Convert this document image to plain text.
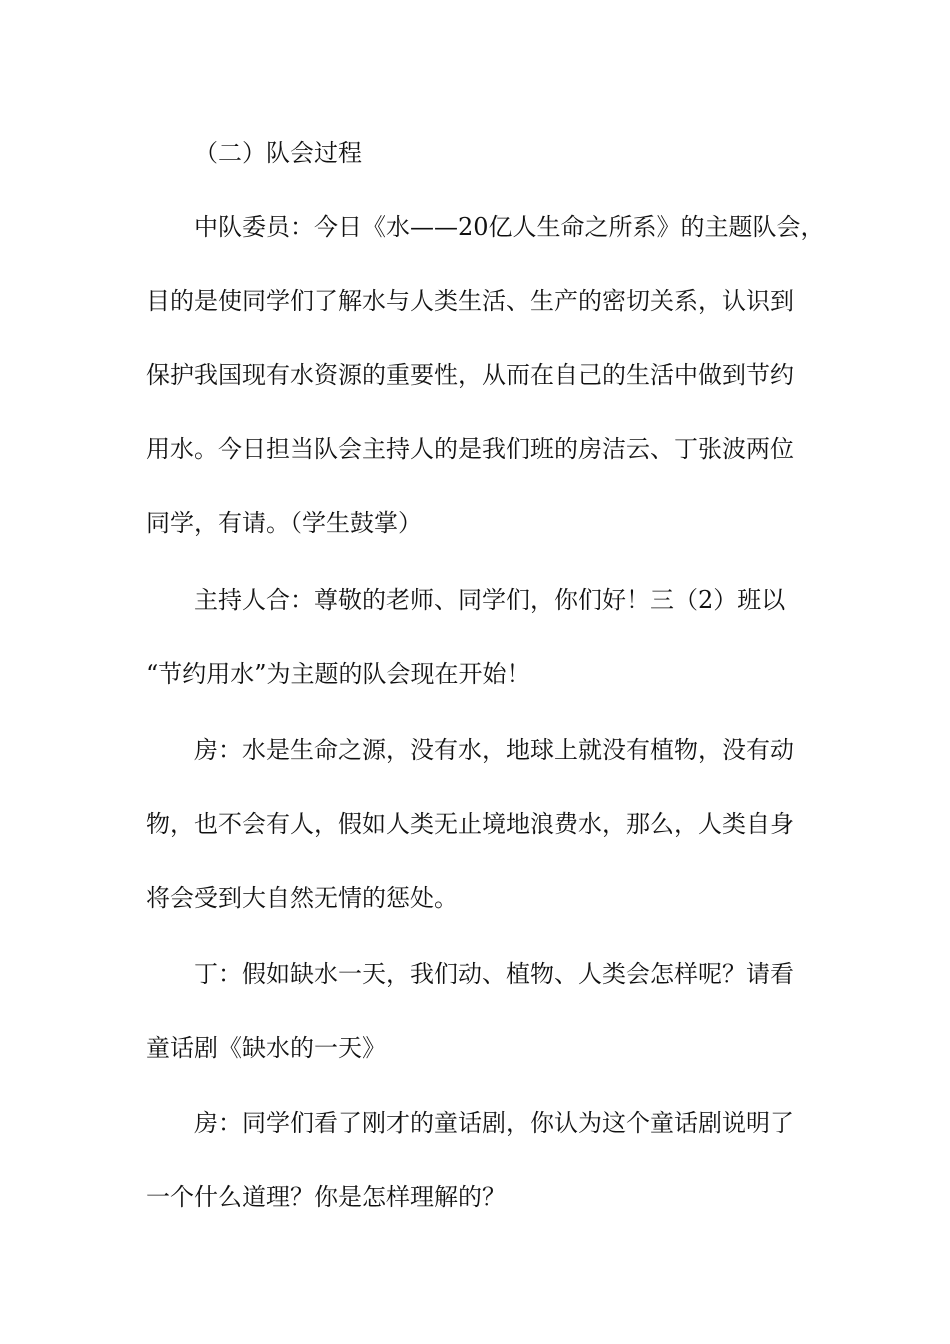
（二）队会过程
中队委员：今日《水——20亿人生命之所系》的主题队会，
目的是使同学们了解水与人类生活、生产的密切关系，认识到
保护我国现有水资源的重要性，从而在自己的生活中做到节约
用水。今日担当队会主持人的是我们班的房洁云、丁张波两位
同学，有请。（学生鼓掌）
主持人合：尊敬的老师、同学们，你们好！三（2）班以
“节约用水”为主题的队会现在开始！
房：水是生命之源，没有水，地球上就没有植物，没有动
物，也不会有人，假如人类无止境地浪费水，那么，人类自身
将会受到大自然无情的惩处。
丁：假如缺水一天，我们动、植物、人类会怎样呢？请看
童话剧《缺水的一天》
房：同学们看了刚才的童话剧，你认为这个童话剧说明了
一个什么道理？你是怎样理解的？
